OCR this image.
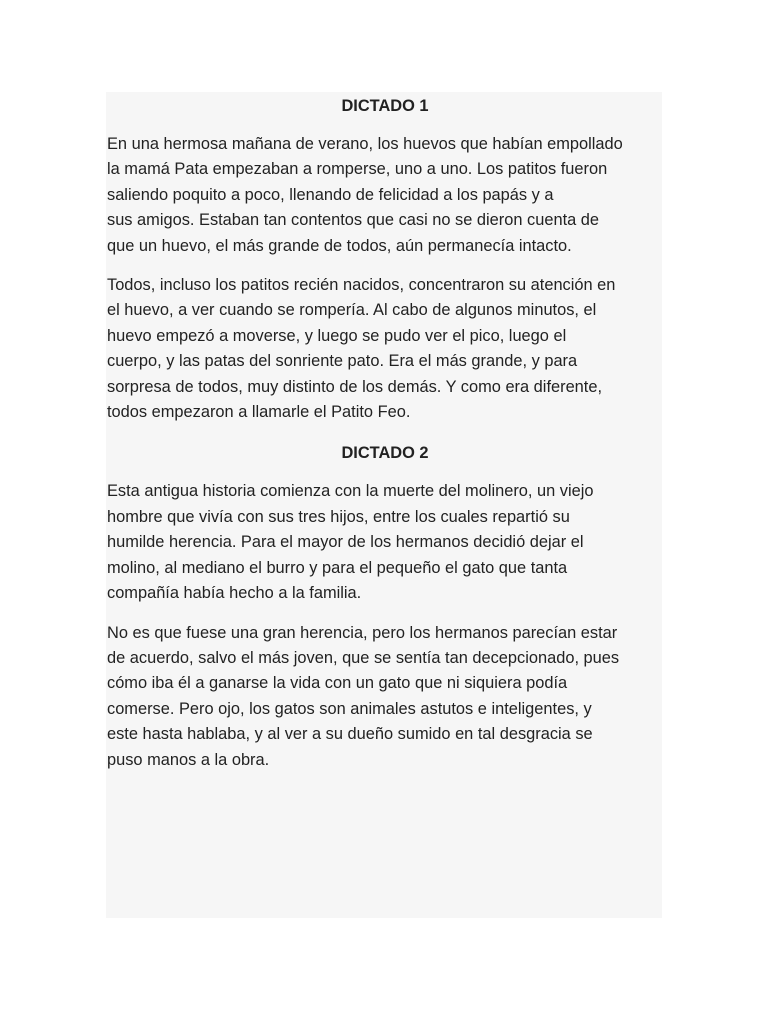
DICTADO 1
En una hermosa mañana de verano, los huevos que habían empollado
la mamá Pata empezaban a romperse, uno a uno. Los patitos fueron
saliendo poquito a poco, llenando de felicidad a los papás y a
sus amigos. Estaban tan contentos que casi no se dieron cuenta de
que un huevo, el más grande de todos, aún permanecía intacto.
Todos, incluso los patitos recién nacidos, concentraron su atención en
el huevo, a ver cuando se rompería. Al cabo de algunos minutos, el
huevo empezó a moverse, y luego se pudo ver el pico, luego el
cuerpo, y las patas del sonriente pato. Era el más grande, y para
sorpresa de todos, muy distinto de los demás. Y como era diferente,
todos empezaron a llamarle el Patito Feo.
DICTADO 2
Esta antigua historia comienza con la muerte del molinero, un viejo
hombre que vivía con sus tres hijos, entre los cuales repartió su
humilde herencia. Para el mayor de los hermanos decidió dejar el
molino, al mediano el burro y para el pequeño el gato que tanta
compañía había hecho a la familia.
No es que fuese una gran herencia, pero los hermanos parecían estar
de acuerdo, salvo el más joven, que se sentía tan decepcionado, pues
cómo iba él a ganarse la vida con un gato que ni siquiera podía
comerse. Pero ojo, los gatos son animales astutos e inteligentes, y
este hasta hablaba, y al ver a su dueño sumido en tal desgracia se
puso manos a la obra.
